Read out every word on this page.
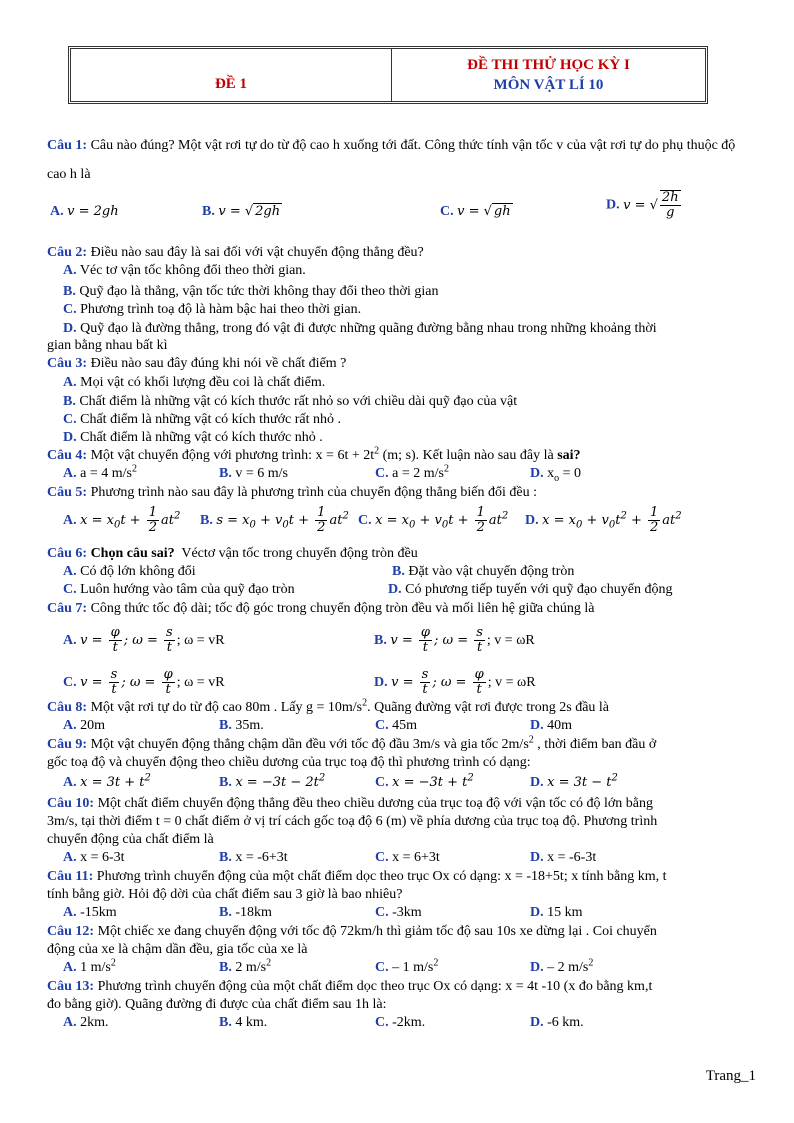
ĐỀ 1
ĐỀ THI THỬ HỌC KỲ I
MÔN VẬT LÍ 10
Câu 1: Câu nào đúng? Một vật rơi tự do từ độ cao h xuống tới đất. Công thức tính vận tốc v của vật rơi tự do phụ thuộc độ cao h là
A. v = 2gh	B. v = √ 2gh	C. v = √ gh	D. v = √ $\frac{2h}{g}$
Câu 2: Điều nào sau đây là sai đối với vật chuyển động thẳng đều?
A. Véc tơ vận tốc không đổi theo thời gian.
B. Quỹ đạo là thẳng, vận tốc tức thời không thay đổi theo thời gian
C. Phương trình toạ độ là hàm bậc hai theo thời gian.
D. Quỹ đạo là đường thẳng, trong đó vật đi được những quãng đường bằng nhau trong những khoảng thời
gian bằng nhau bất kì
Câu 3: Điều nào sau đây đúng khi nói về chất điểm ?
A. Mọi vật có khối lượng đều coi là chất điểm.
B. Chất điểm là những vật có kích thước rất nhỏ so với chiều dài quỹ đạo của vật
C. Chất điểm là những vật có kích thước rất nhỏ .
D. Chất điểm là những vật có kích thước nhỏ .
Câu 4: Một vật chuyển động với phương trình: $x = 6t + 2t^2$ (m; s). Kết luận nào sau đây là sai?
A. a = 4 $m/s^2$	B. v = 6 m/s	C. a = 2 $m/s^2$	D. $x_o = 0$
Câu 5: Phương trình nào sau đây là phương trình của chuyển động thẳng biến đổi đều :
A. $x = x_0t + \frac{1}{2} at^2$ B. $s = x_0 + v_0t + \frac{1}{2} at^2$ C. $x = x_0 + v_0t + \frac{1}{2} at^2$ D. $x = x_0 + v_0t^2 + \frac{1}{2} at^2$
Câu 6: Chọn câu sai? Véctơ vận tốc trong chuyển động tròn đều
A. Có độ lớn không đổi	B. Đặt vào vật chuyển động tròn
C. Luôn hướng vào tâm của quỹ đạo tròn	D. Có phương tiếp tuyến với quỹ đạo chuyển động
Câu 7: Công thức tốc độ dài; tốc độ góc trong chuyển động tròn đều và mối liên hệ giữa chúng là
A. $v = \frac{\varphi}{t}$ ; $\omega = \frac{s}{t}$ ; ω = vR	B. $v = \frac{\varphi}{t}$ ; $\omega = \frac{s}{t}$ ; v = ωR
C. $v = \frac{s}{t}$ ; $\omega = \frac{\varphi}{t}$ ; ω = vR	D. $v = \frac{s}{t}$ ; $\omega = \frac{\varphi}{t}$ ; v = ωR
Câu 8: Một vật rơi tự do từ độ cao 80m . Lấy $g = 10m/s^2$. Quãng đường vật rơi được trong 2s đầu là
A. 20m	B. 35m.	C. 45m	D. 40m
Câu 9: Một vật chuyển động thẳng chậm dần đều với tốc độ đầu 3m/s và gia tốc $2m/s^2$ , thời điểm ban đầu ở
gốc toạ độ và chuyển động theo chiều dương của trục toạ độ thì phương trình có dạng:
A. $x = 3t + t^2$	B. $x = -3t - 2t^2$	C. $x = -3t + t^2$	D. $x = 3t - t^2$
Câu 10: Một chất điểm chuyển động thẳng đều theo chiều dương của trục toạ độ với vận tốc có độ lớn bằng
3m/s, tại thời điểm t = 0 chất điểm ở vị trí cách gốc toạ độ 6 (m) về phía dương của trục toạ độ. Phương trình
chuyển động của chất điểm là
A. x = 6-3t	B. x = -6+3t	C. x = 6+3t	D. x = -6-3t
Câu 11: Phương trình chuyển động của một chất điểm dọc theo trục Ox có dạng: x = -18+5t; x tính bằng km, t
tính bằng giờ. Hỏi độ dời của chất điểm sau 3 giờ là bao nhiêu?
A. -15km	B. -18km	C. -3km	D. 15 km
Câu 12: Một chiếc xe đang chuyển động với tốc độ 72km/h thì giảm tốc độ sau 10s xe dừng lại . Coi chuyển
động của xe là chậm dần đều, gia tốc của xe là
A. 1 $m/s^2$	B. 2 $m/s^2$	C. – 1 $m/s^2$	D. – 2 $m/s^2$
Câu 13: Phương trình chuyển động của một chất điểm dọc theo trục Ox có dạng: x = 4t -10 (x đo bằng km,t
đo bằng giờ). Quãng đường đi được của chất điểm sau 1h là:
A. 2km.	B. 4 km.	C. -2km.	D. -6 km.
Trang_1
